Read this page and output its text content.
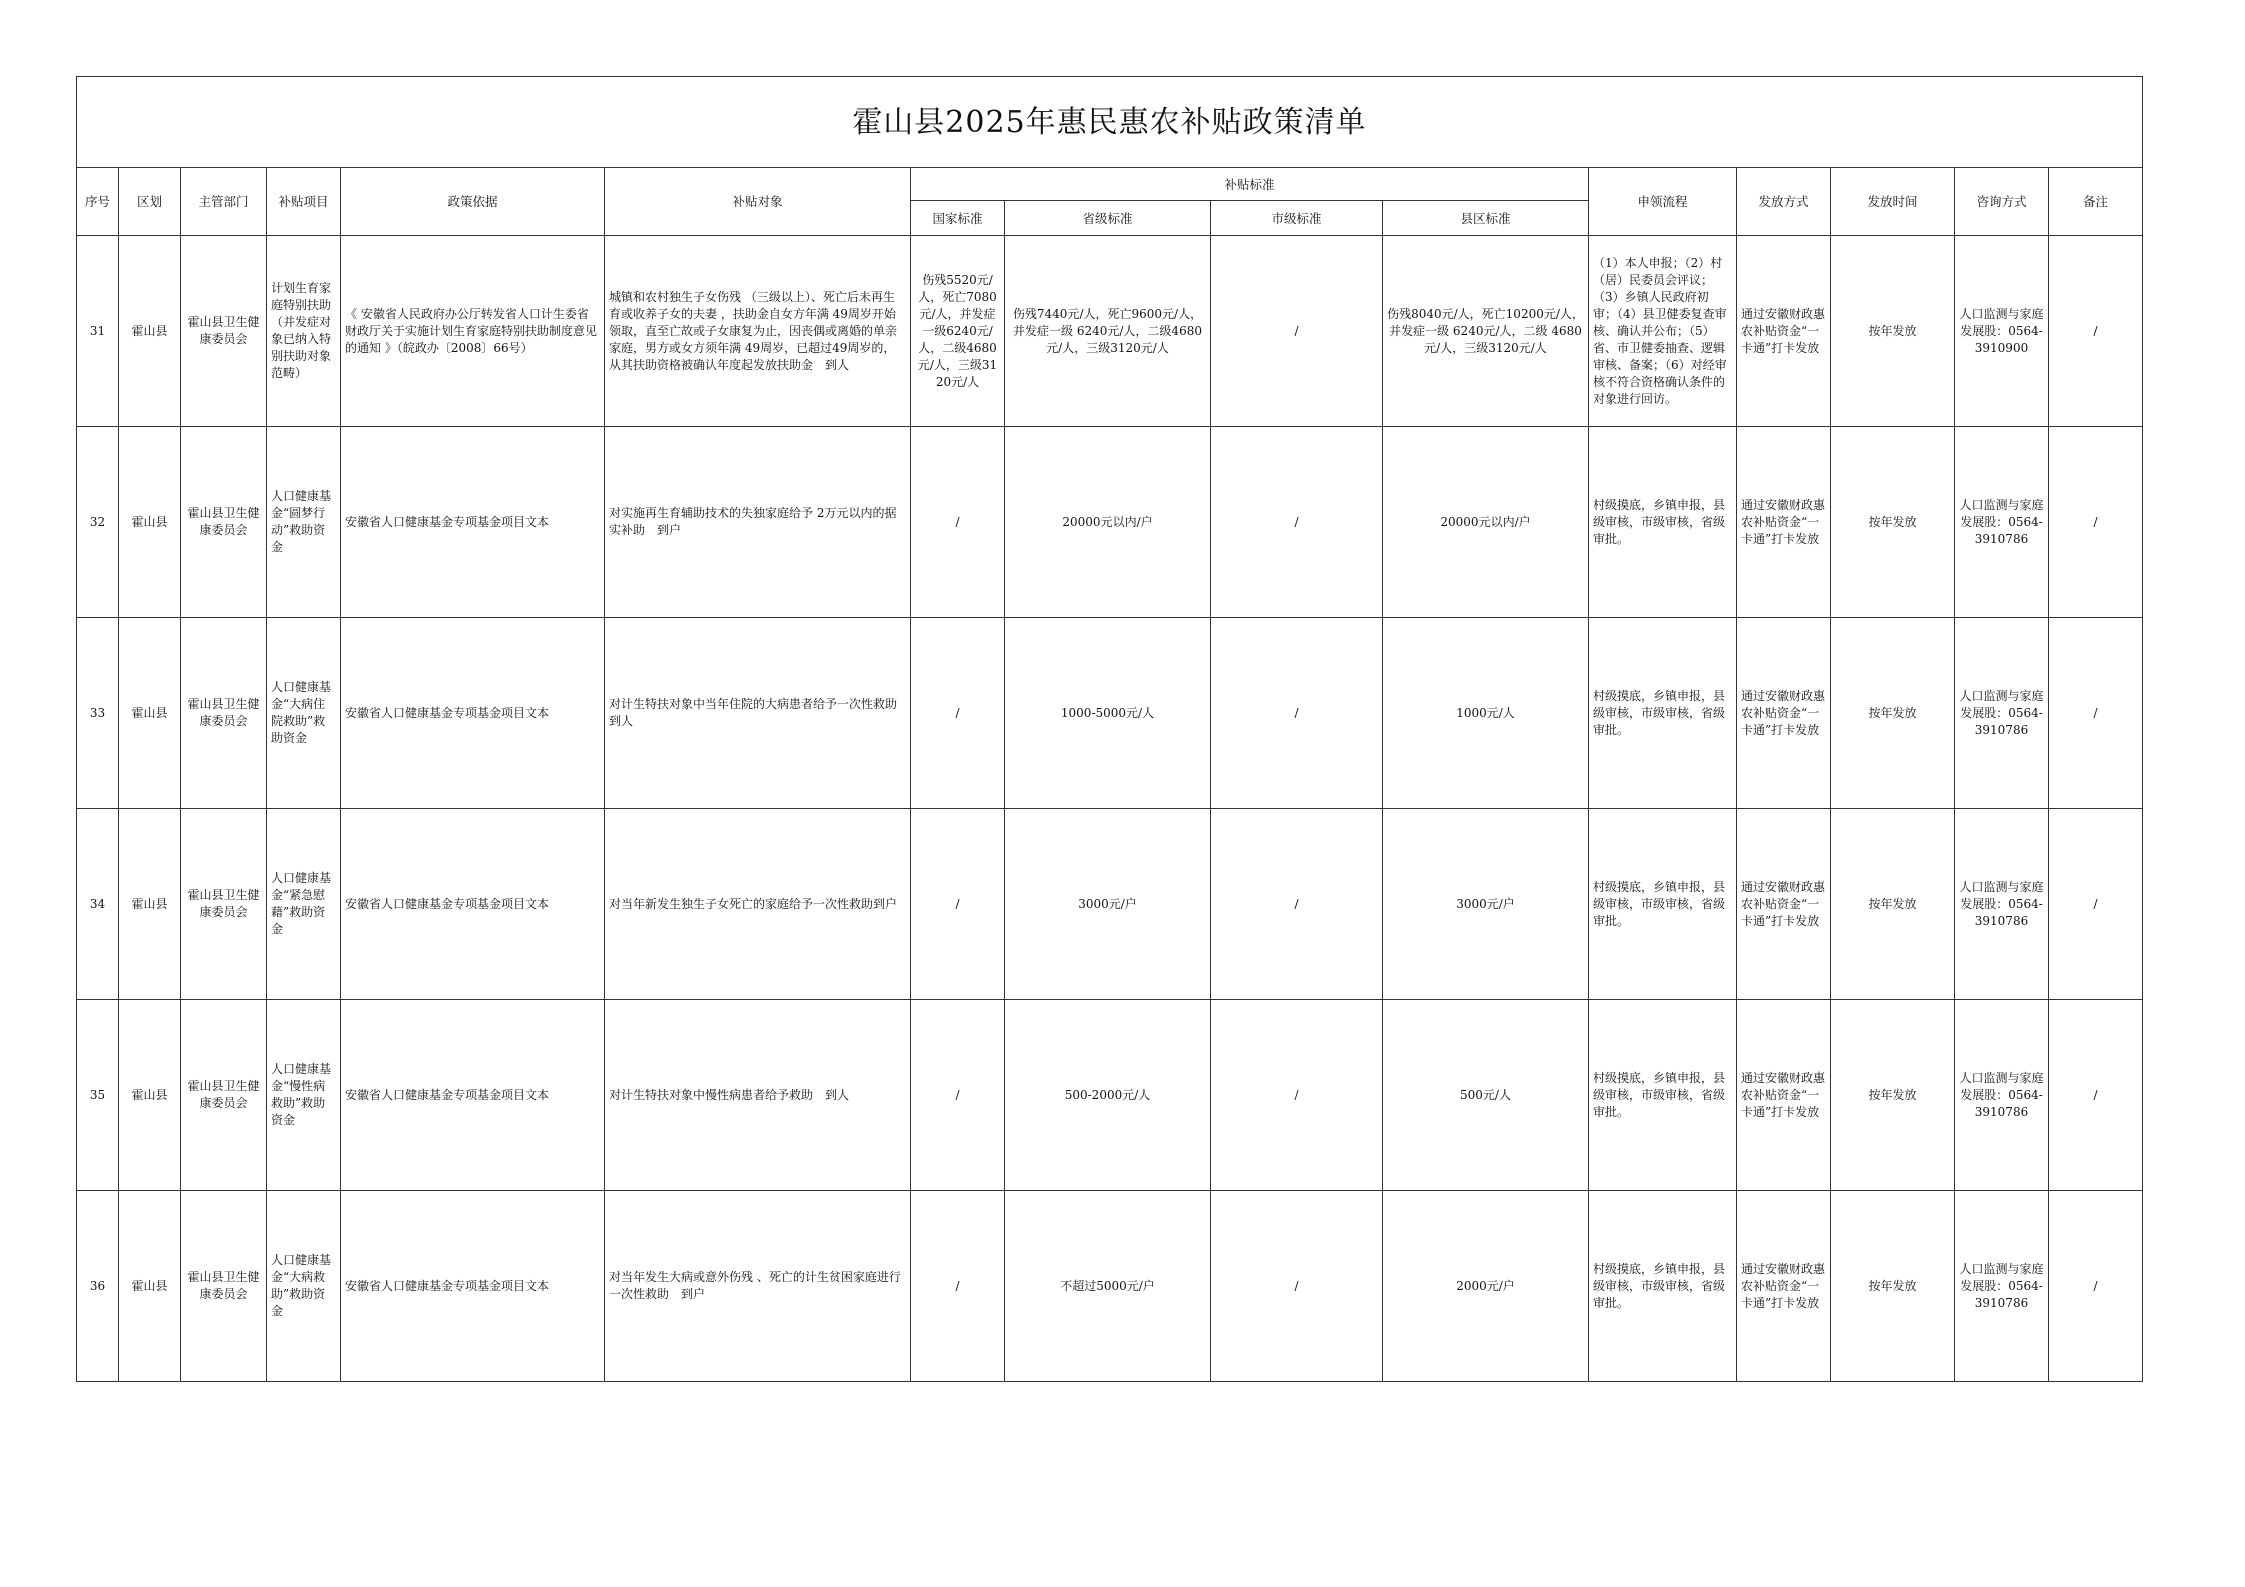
霍山县2025年惠民惠农补贴政策清单														
序号	区划	主管部门	补贴项目	政策依据	补贴对象	补贴标准				申领流程	发放方式	发放时间	咨询方式	备注
						国家标准	省级标准	市级标准	县区标准					
31	霍山县	霍山县卫生健康委员会	计划生育家庭特别扶助（并发症对象已纳入特别扶助对象范畴）	《 安徽省人民政府办公厅转发省人口计生委省财政厅关于实施计划生育家庭特别扶助制度意见的通知 》（皖政办〔2008〕66号）	城镇和农村独生子女伤残 （三级以上）、死亡后未再生育或收养子女的夫妻 ，扶助金自女方年满 49周岁开始领取，直至亡故或子女康复为止，因丧偶或离婚的单亲家庭，男方或女方须年满 49周岁，已超过49周岁的，从其扶助资格被确认年度起发放扶助金　到人	伤残5520元/人，死亡7080元/人，并发症一级6240元/人，二级4680元/人，三级3120元/人	伤残7440元/人，死亡9600元/人，并发症一级 6240元/人，二级4680元/人，三级3120元/人	/	伤残8040元/人，死亡10200元/人，并发症一级 6240元/人，二级 4680元/人，三级3120元/人	（1）本人申报；（2）村（居）民委员会评议；（3）乡镇人民政府初审；（4）县卫健委复查审核、确认并公布；（5）省、市卫健委抽查、逻辑审核、备案；（6）对经审核不符合资格确认条件的对象进行回访。	通过安徽财政惠农补贴资金“一卡通”打卡发放	按年发放	人口监测与家庭发展股：0564-3910900	/
32	霍山县	霍山县卫生健康委员会	人口健康基金“圆梦行动”救助资金	安徽省人口健康基金专项基金项目文本	对实施再生育辅助技术的失独家庭给予 2万元以内的据实补助　到户	/	20000元以内/户	/	20000元以内/户	村级摸底，乡镇申报，县级审核，市级审核，省级审批。	通过安徽财政惠农补贴资金“一卡通”打卡发放	按年发放	人口监测与家庭发展股：0564-3910786	/
33	霍山县	霍山县卫生健康委员会	人口健康基金“大病住院救助”救助资金	安徽省人口健康基金专项基金项目文本	对计生特扶对象中当年住院的大病患者给予一次性救助　到人	/	1000-5000元/人	/	1000元/人	村级摸底，乡镇申报，县级审核，市级审核，省级审批。	通过安徽财政惠农补贴资金“一卡通”打卡发放	按年发放	人口监测与家庭发展股：0564-3910786	/
34	霍山县	霍山县卫生健康委员会	人口健康基金“紧急慰藉”救助资金	安徽省人口健康基金专项基金项目文本	对当年新发生独生子女死亡的家庭给予一次性救助到户	/	3000元/户	/	3000元/户	村级摸底，乡镇申报，县级审核，市级审核，省级审批。	通过安徽财政惠农补贴资金“一卡通”打卡发放	按年发放	人口监测与家庭发展股：0564-3910786	/
35	霍山县	霍山县卫生健康委员会	人口健康基金“慢性病救助”救助资金	安徽省人口健康基金专项基金项目文本	对计生特扶对象中慢性病患者给予救助　到人	/	500-2000元/人	/	500元/人	村级摸底，乡镇申报，县级审核，市级审核，省级审批。	通过安徽财政惠农补贴资金“一卡通”打卡发放	按年发放	人口监测与家庭发展股：0564-3910786	/
36	霍山县	霍山县卫生健康委员会	人口健康基金“大病救助”救助资金	安徽省人口健康基金专项基金项目文本	对当年发生大病或意外伤残 、死亡的计生贫困家庭进行一次性救助　到户	/	不超过5000元/户	/	2000元/户	村级摸底，乡镇申报，县级审核，市级审核，省级审批。	通过安徽财政惠农补贴资金“一卡通”打卡发放	按年发放	人口监测与家庭发展股：0564-3910786	/
